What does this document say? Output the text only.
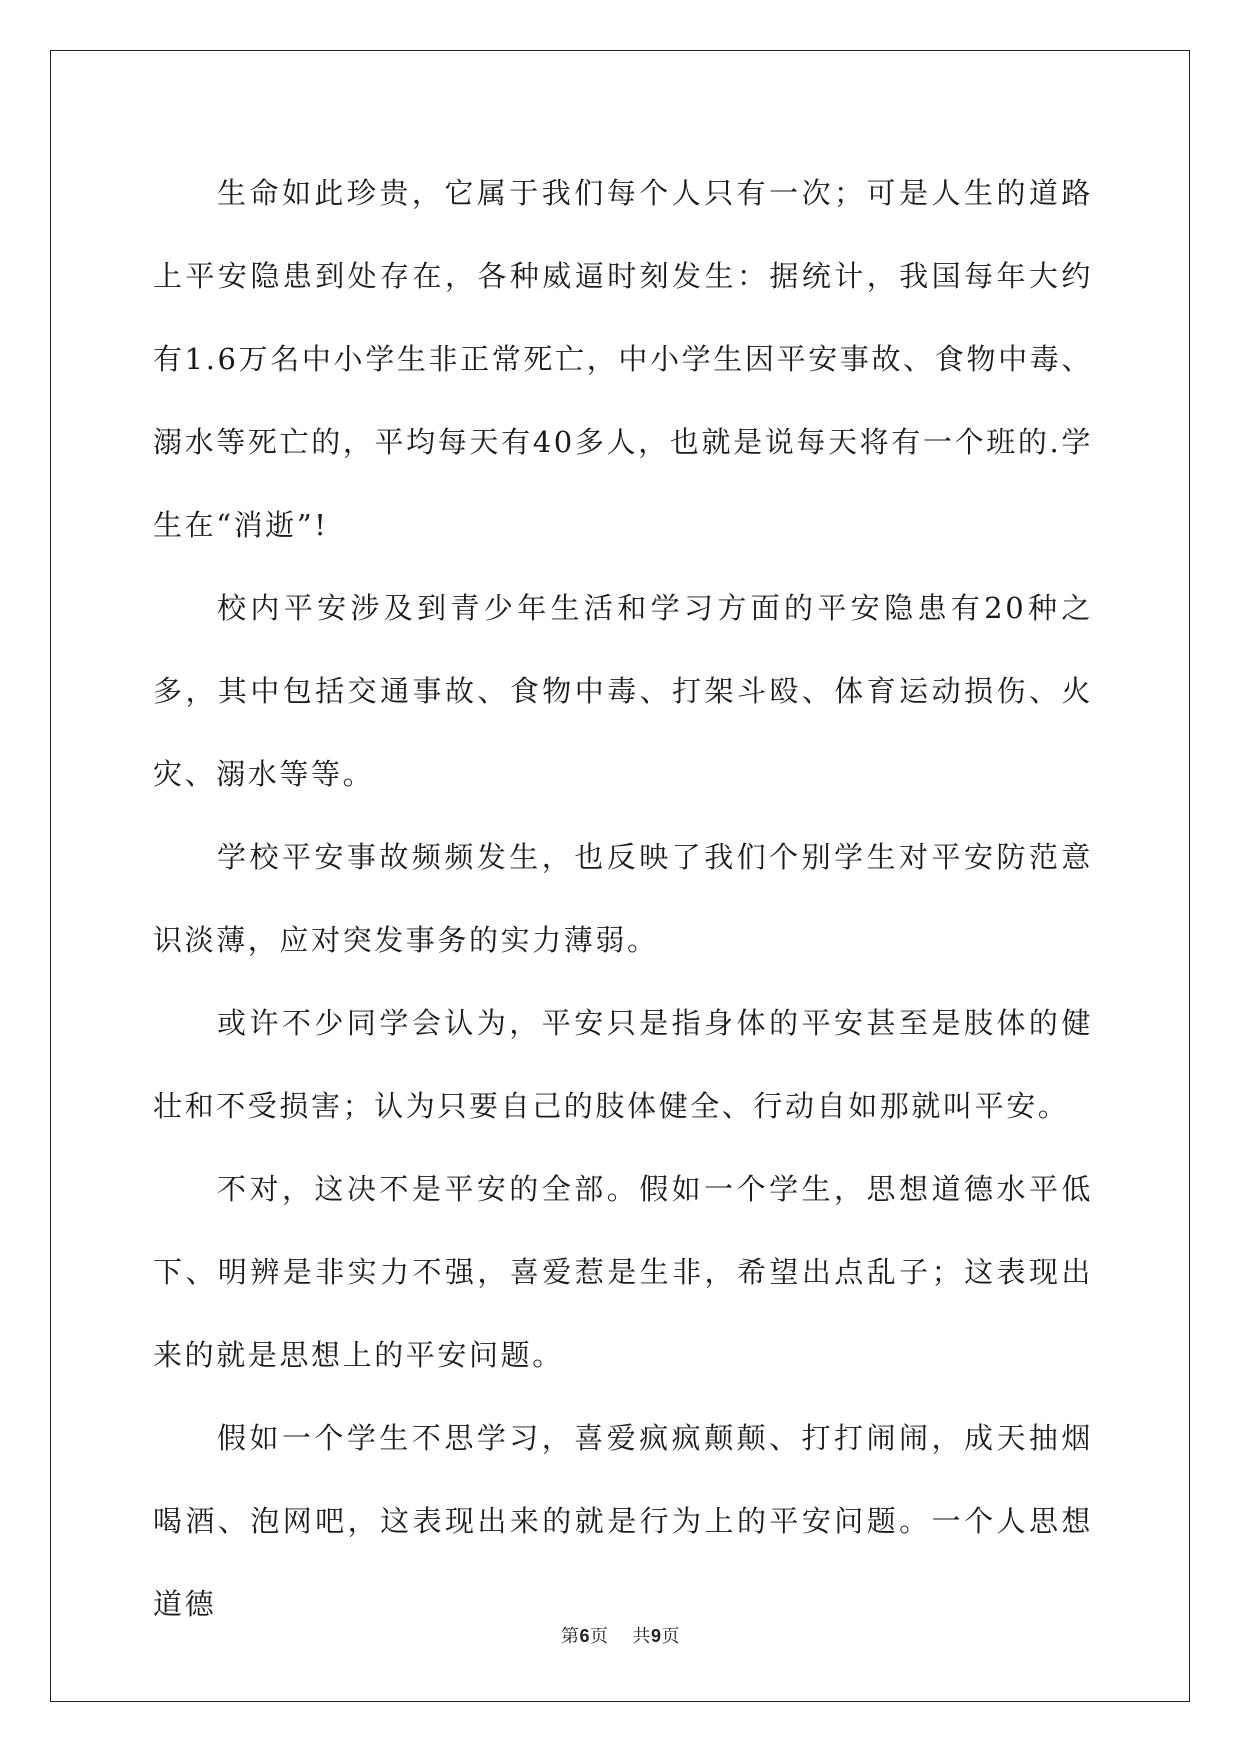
生命如此珍贵，它属于我们每个人只有一次；可是人生的道路上平安隐患到处存在，各种威逼时刻发生：据统计，我国每年大约有1.6万名中小学生非正常死亡，中小学生因平安事故、食物中毒、溺水等死亡的，平均每天有40多人，也就是说每天将有一个班的.学生在“消逝”!

校内平安涉及到青少年生活和学习方面的平安隐患有20种之多，其中包括交通事故、食物中毒、打架斗殴、体育运动损伤、火灾、溺水等等。

学校平安事故频频发生，也反映了我们个别学生对平安防范意识淡薄，应对突发事务的实力薄弱。

或许不少同学会认为，平安只是指身体的平安甚至是肢体的健壮和不受损害；认为只要自己的肢体健全、行动自如那就叫平安。

不对，这决不是平安的全部。假如一个学生，思想道德水平低下、明辨是非实力不强，喜爱惹是生非，希望出点乱子；这表现出来的就是思想上的平安问题。

假如一个学生不思学习，喜爱疯疯颠颠、打打闹闹，成天抽烟喝酒、泡网吧，这表现出来的就是行为上的平安问题。一个人思想道德

第6页 共9页
